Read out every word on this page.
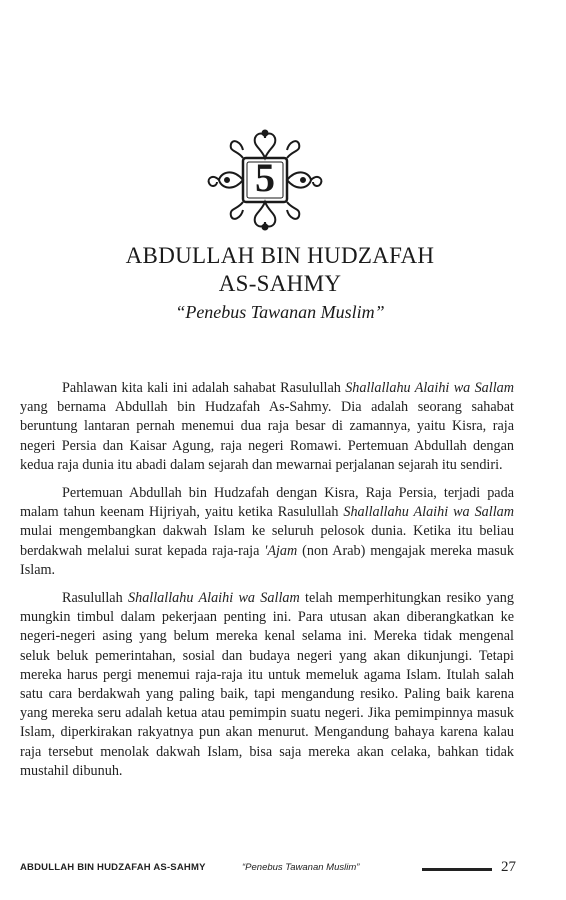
5
ABDULLAH BIN HUDZAFAH
AS-SAHMY
“Penebus Tawanan Muslim”

Pahlawan kita kali ini adalah sahabat Rasulullah Shallallahu Alaihi wa Sallam yang bernama Abdullah bin Hudzafah As-Sahmy. Dia adalah seorang sahabat beruntung lantaran pernah menemui dua raja besar di zamannya, yaitu Kisra, raja negeri Persia dan Kaisar Agung, raja negeri Romawi. Pertemuan Abdullah dengan kedua raja dunia itu abadi dalam sejarah dan mewarnai perjalanan sejarah itu sendiri.

Pertemuan Abdullah bin Hudzafah dengan Kisra, Raja Persia, terjadi pada malam tahun keenam Hijriyah, yaitu ketika Rasulullah Shallallahu Alaihi wa Sallam mulai mengembangkan dakwah Islam ke seluruh pelosok dunia. Ketika itu beliau berdakwah melalui surat kepada raja-raja 'Ajam (non Arab) mengajak mereka masuk Islam.

Rasulullah Shallallahu Alaihi wa Sallam telah memperhitungkan resiko yang mungkin timbul dalam pekerjaan penting ini. Para utusan akan diberangkatkan ke negeri-negeri asing yang belum mereka kenal selama ini. Mereka tidak mengenal seluk beluk pemerintahan, sosial dan budaya negeri yang akan dikunjungi. Tetapi mereka harus pergi menemui raja-raja itu untuk memeluk agama Islam. Itulah salah satu cara berdakwah yang paling baik, tapi mengandung resiko. Paling baik karena yang mereka seru adalah ketua atau pemimpin suatu negeri. Jika pemimpinnya masuk Islam, diperkirakan rakyatnya pun akan menurut. Mengandung bahaya karena kalau raja tersebut menolak dakwah Islam, bisa saja mereka akan celaka, bahkan tidak mustahil dibunuh.

ABDULLAH BIN HUDZAFAH AS-SAHMY	“Penebus Tawanan Muslim”	27
